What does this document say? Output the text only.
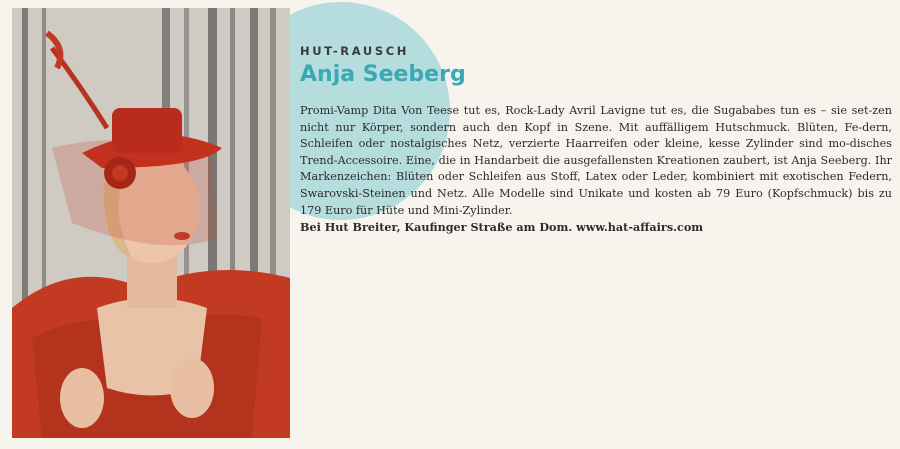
HUT-RAUSCH

Anja Seeberg

Promi-Vamp Dita Von Teese tut es, Rock-Lady Avril Lavigne tut es, die Sugababes tun es – sie set-zen nicht nur Körper, sondern auch den Kopf in Szene. Mit auffälligem Hutschmuck. Blüten, Fe-dern, Schleifen oder nostalgisches Netz, verzierte Haarreifen oder kleine, kesse Zylinder sind mo-disches Trend-Accessoire. Eine, die in Handarbeit die ausgefallensten Kreationen zaubert, ist Anja Seeberg. Ihr Markenzeichen: Blüten oder Schleifen aus Stoff, Latex oder Leder, kombiniert mit exotischen Federn, Swarovski-Steinen und Netz. Alle Modelle sind Unikate und kosten ab 79 Euro (Kopfschmuck) bis zu 179 Euro für Hüte und Mini-Zylinder.

Bei Hut Breiter, Kaufinger Straße am Dom. www.hat-affairs.com
